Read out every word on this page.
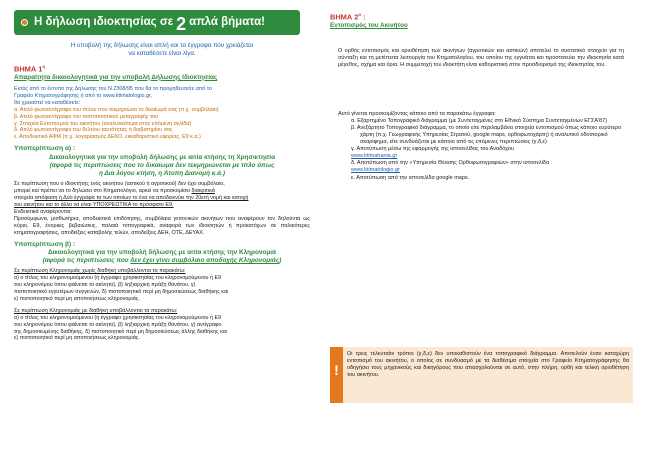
Η δήλωση ιδιοκτησίας σε 2 απλά βήματα!
Η υποβολή της δήλωσης είναι απλή και τα έγγραφα που χρειάζεται
να καταθέσετε είναι λίγα.
ΒΗΜΑ $1^o$
Απαραίτητα δικαιολογητικά για την υποβολή Δήλωσης Ιδιοκτησίας
Εκτός από το έντυπο της Δήλωσης του Ν.2308/95 που θα το προμηθευτείτε από το
Γραφείο Κτηματογράφησης ή από το www.ktimatologio.gr,
θα χρειαστεί να καταθέσετε:
α. Απλό φωτοαντίγραφο του τίτλου που τεκμηριώνει το δικαίωμά σας (π.χ. συμβόλαιο)
β. Απλό φωτοαντίγραφο του πιστοποιητικού μεταγραφής του
γ. Στοιχεία Εντοπισμού του ακινήτου (αναλυτικότερα στην επόμενη σελίδα)
δ. Απλό φωτοαντίγραφο του δελτίου ταυτότητας ή διαβατηρίου σας
ε. Αποδεικτικό ΑΦΜ (π.χ. λογαριασμός ΔΕΚΟ, εκκαθαριστικό εφορίας, Ε9 κ.α.)
Υποπερίπτωση α) :
Δικαιολογητικά για την υποβολή δήλωσης με αιτία κτήσης τη Χρησικτησία
(αφορά τις περιπτώσεις που το δικαίωμα δεν τεκμηριώνεται με τίτλο όπως
η Δια λόγου κτήση, η Άτυπη Διανομή κ.ά.)
Σε περίπτωση που ο ιδιοκτήτης ενός ακινήτου (αστικού ή αγροτικού) δεν έχει συμβόλαιο,
μπορεί και πρέπει να το δηλώσει στο Κτηματολόγιο, αρκεί να προσκομίσει διακριτικά
στοιχεία απόφαση ή Δύο έγγραφα τα των οποίων το ένα να αποδεικνύει την 20ετή νομή και κατοχή
του ακινήτου και το άλλο να είναι ΥΠΟΧΡΕΩΤΙΚΑ το πρόσφατο Ε9.
Ενδεικτικά αναφέρονται:
Προσύμφωνα, μισθωτήρια, αποδεικτικά επιδότησης, συμβόλαια γειτονικών ακινήτων που αναφέρουν τον δηλούντα ως κύριο, Ε9, ένορκες βεβαιώσεις, παλαιά τοπογραφικά, αναφορά των ιδιοκτητών ή προκατόχων σε παλαιότερες κτηματογραφήσεις, αποδείξεις καταβολής τελών, αποδείξεις ΔΕΗ, ΟΤΕ, ΔΕΥΑΧ.
Υποπερίπτωση β) :
Δικαιολογητικά για την υποβολή δήλωσης με αιτία κτήσης την Κληρονομιά
(αφορά τις περιπτώσεις που δεν έχει γίνει συμβόλαιο αποδοχής Κληρονομιάς)
Σε περίπτωση Κληρονομιάς χωρίς διαθήκη υποβάλλονται τα παρακάτω:
α) ο τίτλος του κληρονομούμενου (ή έγγραφο χρησικτησίας του κληρονομούμενου ή Ε9
του κληρονόμου όπου φαίνεται το ακίνητο), β) ληξιαρχική πράξη θανάτου, γ)
πιστοποιητικό εγγυτέρων συγγενών, δ) πιστοποιητικό περί μη δημοσιεύσεως διαθήκης και
ε) πιστοποιητικό περί μη αποποιήσεως κληρονομιάς.
Σε περίπτωση Κληρονομιάς με διαθήκη υποβάλλονται τα παρακάτω:
α) ο τίτλος του κληρονομούμενου (ή έγγραφο χρησικτησίας του κληρονομούμενου ή Ε9
του κληρονόμου όπου φαίνεται το ακίνητο), β) ληξιαρχική πράξη θανάτου, γ) αντίγραφο
της δημοσιευμένης διαθήκης, δ) πιστοποιητικό περί μη δημοσιεύσεως άλλης διαθήκης και
ε) πιστοποιητικό περί μη αποποιήσεως κληρονομιάς.
ΒΗΜΑ $2^o$ :
Εντοπισμός του Ακινήτου
Ο ορθός εντοπισμός και οριοθέτηση των ακινήτων (αγροτικών και αστικών) αποτελεί το συστατικό στοιχείο για τη σύνταξη και τη μετέπειτα λειτουργία του Κτηματολογίου, του οποίου της εγγυάται και προστατεύει την ιδιοκτησία κατά μέγεθος, σχήμα και όρια. Η συμμετοχή του ιδιοκτήτη είναι καθοριστική στον προσδιορισμό της ιδιοκτησίας του.
Αυτό γίνεται προσκομίζοντας κάποιο από τα παρακάτω έγγραφα:
α. Εξαρτημένο Τοπογραφικό διάγραμμα (με Συντεταγμένες στο Εθνικό Σύστημα Συντεταγμένων ΕΓΣΑ'87)
β. Ανεξάρτητο Τοπογραφικό διάγραμμα, το οποίο είτε περιλαμβάνει στοιχεία εντοπισμού όπως κάποιο ευρύτερο χάρτη (π.χ. Γεωγραφικής Υπηρεσίας Στρατού, google maps, ορθοφωτοχάρτη) ή αναλυτικό οδοιπορικό σκαρίφημα, είτε συνδυάζεται με κάποιο από τις επόμενες περιπτώσεις (γ,δ,ε)
γ. Αποτύπωση μέσω της εφαρμογής της ιστοσελίδας του Αναδόχου
www.ktimahania.gr
δ. Αποτύπωση από την «Υπηρεσία Θέασης Ορθοφωτογραφιών» στην ιστοσελίδα
www.ktimatologio.gr
ε. Αποτύπωση από την ιστοσελίδα google maps.
!
Οι τρεις τελευταίοι τρόποι (γ,δ,ε) δεν υποκαθιστούν ένα τοπογραφικό διάγραμμα. Αποτελούν έναν καταχώρη εντοπισμό του ακινήτου, ο οποίος σε συνδυασμό με τα διαθέσιμα στοιχεία στο Γραφείο Κτηματογράφησης θα οδηγήσει τους μηχανικούς και δικηγόρους που απασχολούνται σε αυτό, στην πλήρη, ορθή και τελική οριοθέτηση του ακινήτου.
